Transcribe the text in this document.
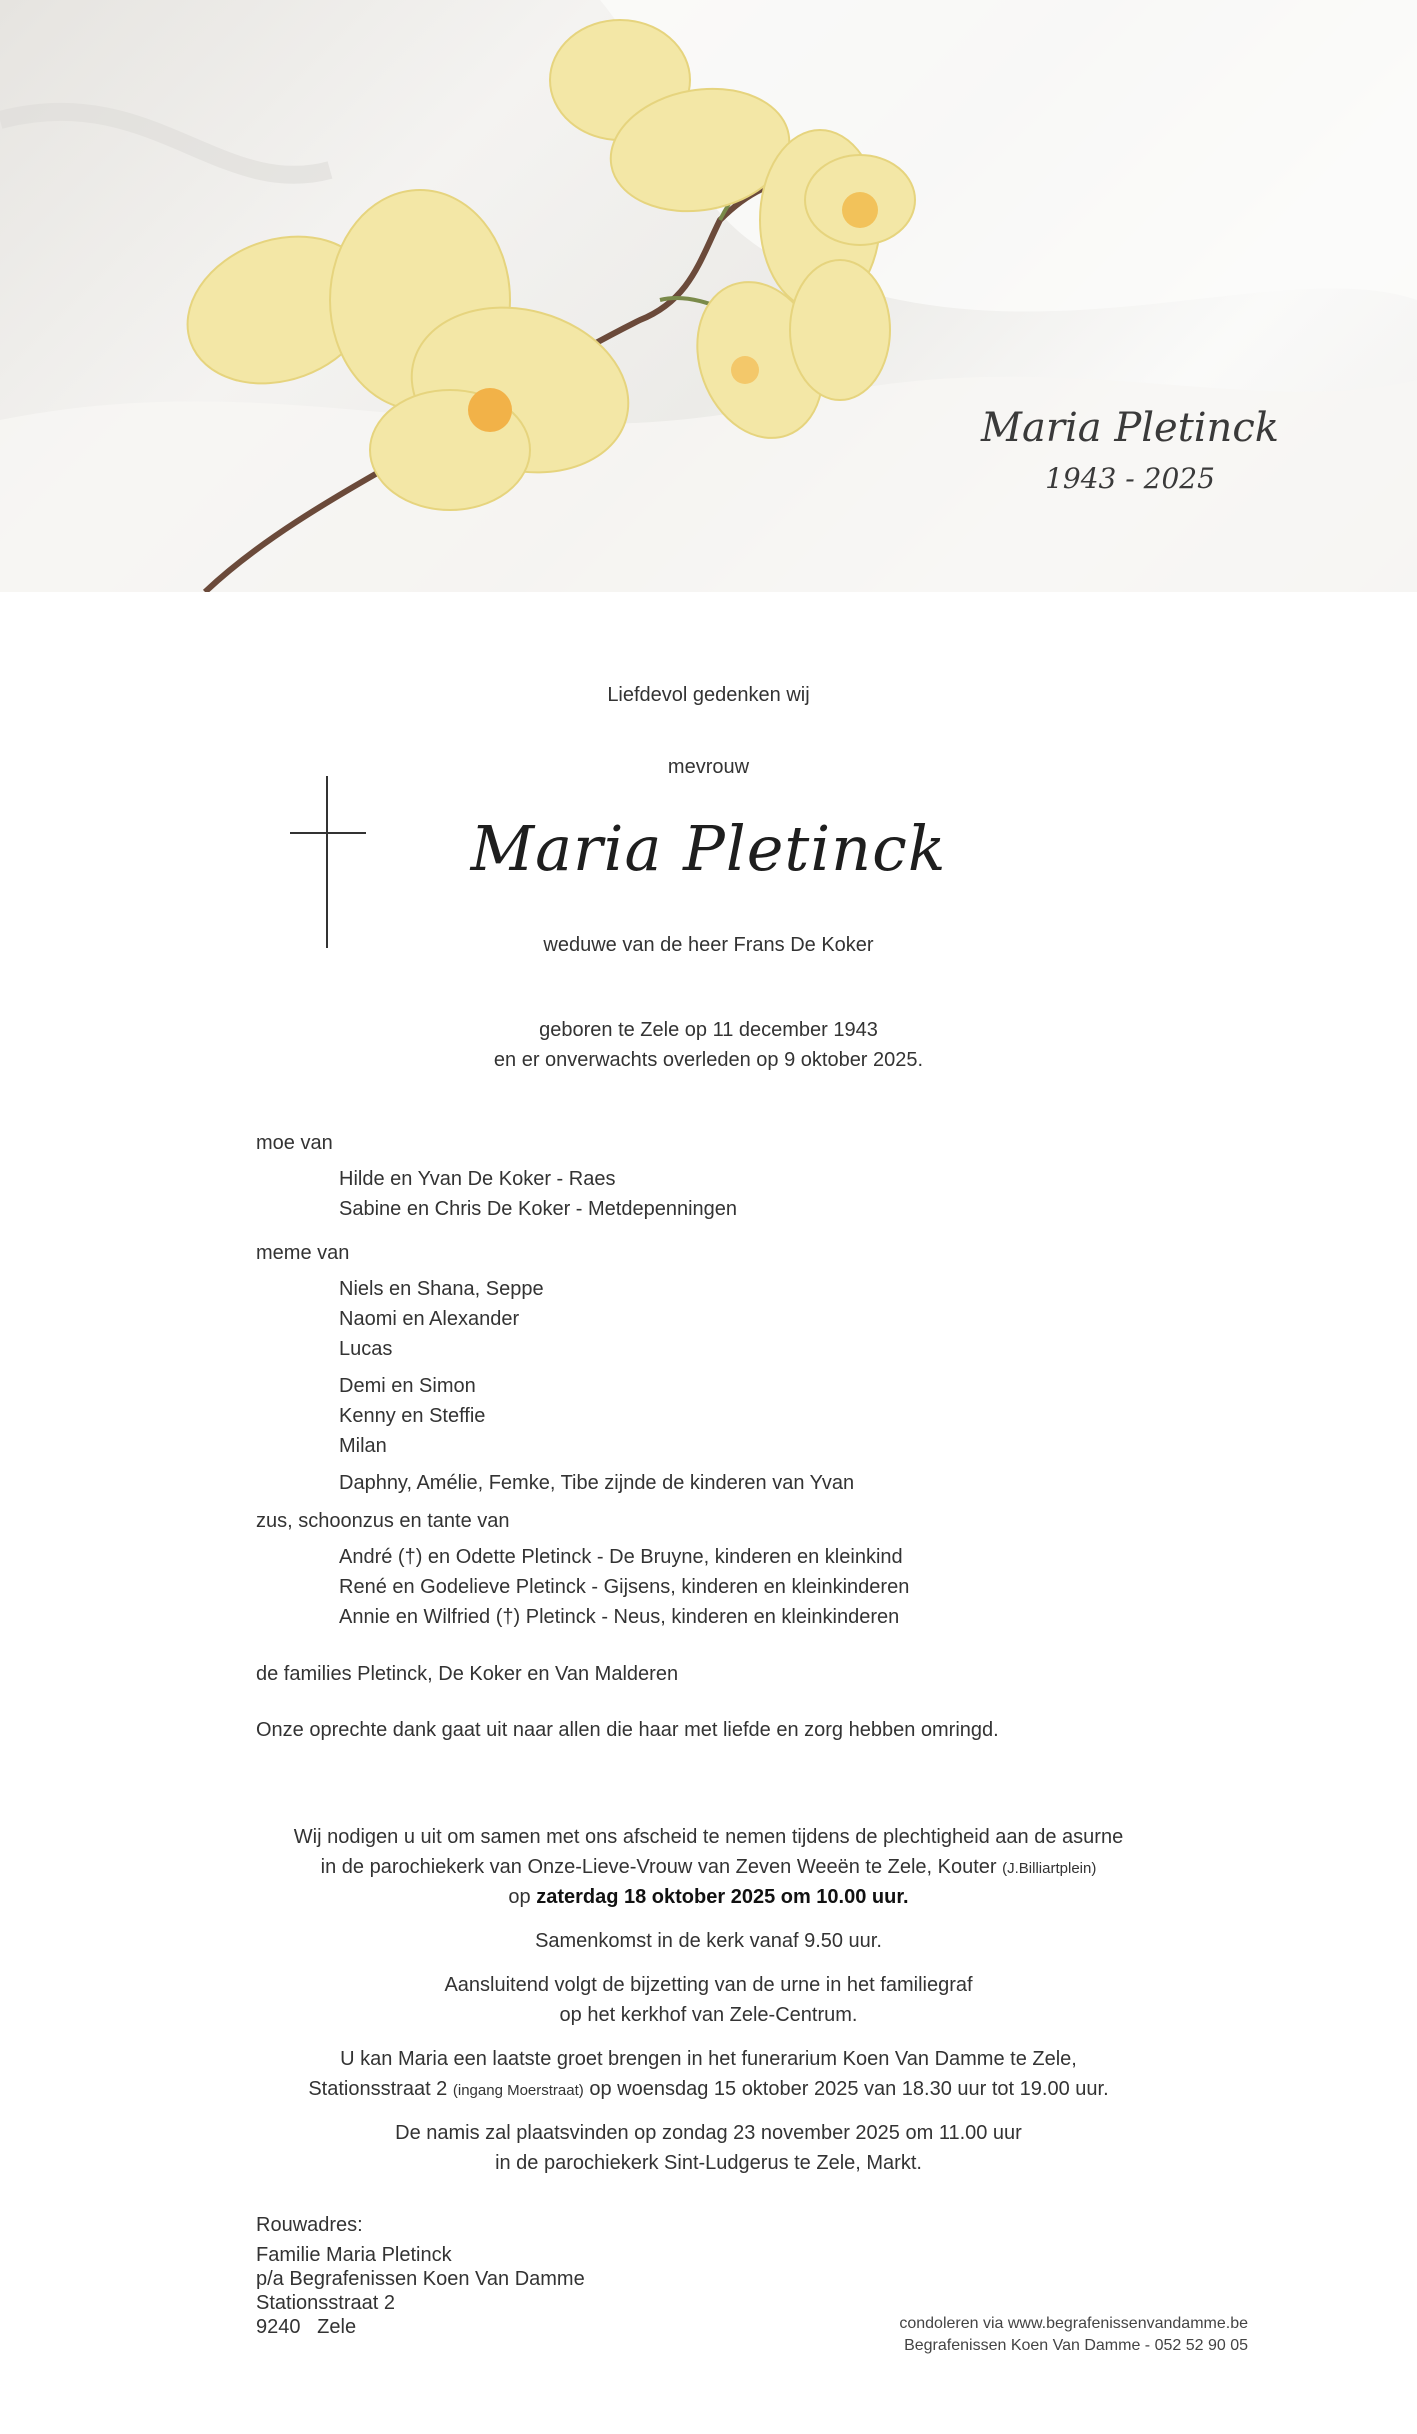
Maria Pletinck
1943 - 2025
Liefdevol gedenken wij
mevrouw
Maria Pletinck
weduwe van de heer Frans De Koker
geboren te Zele op 11 december 1943
en er onverwachts overleden op 9 oktober 2025.
moe van
Hilde en Yvan De Koker - Raes
Sabine en Chris De Koker - Metdepenningen
meme van
Niels en Shana, Seppe
Naomi en Alexander
Lucas
Demi en Simon
Kenny en Steffie
Milan
Daphny, Amélie, Femke, Tibe zijnde de kinderen van Yvan
zus, schoonzus en tante van
André (†) en Odette Pletinck - De Bruyne, kinderen en kleinkind
René en Godelieve Pletinck - Gijsens, kinderen en kleinkinderen
Annie en Wilfried (†) Pletinck - Neus, kinderen en kleinkinderen
de families Pletinck, De Koker en Van Malderen
Onze oprechte dank gaat uit naar allen die haar met liefde en zorg hebben omringd.
Wij nodigen u uit om samen met ons afscheid te nemen tijdens de plechtigheid aan de asurne
in de parochiekerk van Onze-Lieve-Vrouw van Zeven Weeën te Zele, Kouter (J.Billiartplein)
op zaterdag 18 oktober 2025 om 10.00 uur.
Samenkomst in de kerk vanaf 9.50 uur.
Aansluitend volgt de bijzetting van de urne in het familiegraf
op het kerkhof van Zele-Centrum.
U kan Maria een laatste groet brengen in het funerarium Koen Van Damme te Zele,
Stationsstraat 2 (ingang Moerstraat) op woensdag 15 oktober 2025 van 18.30 uur tot 19.00 uur.
De namis zal plaatsvinden op zondag 23 november 2025 om 11.00 uur
in de parochiekerk Sint-Ludgerus te Zele, Markt.
Rouwadres:
Familie Maria Pletinck
p/a Begrafenissen Koen Van Damme
Stationsstraat 2
9240   Zele	condoleren via www.begrafenissenvandamme.be
Begrafenissen Koen Van Damme - 052 52 90 05
